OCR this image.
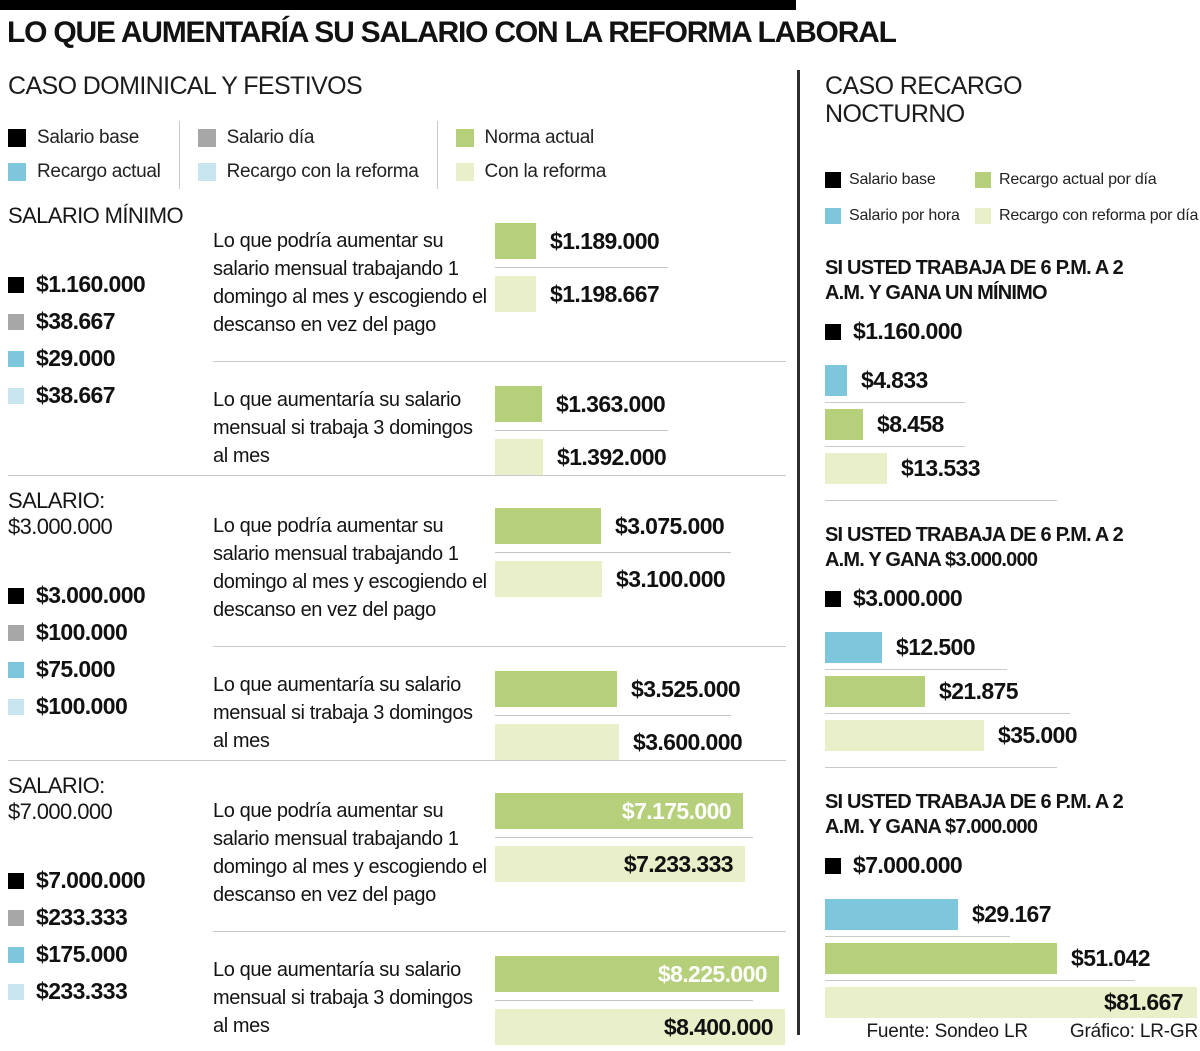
LO QUE AUMENTARÍA SU SALARIO CON LA REFORMA LABORAL
CASO DOMINICAL Y FESTIVOS
Salario base
Recargo actual
Salario día
Recargo con la reforma
Norma actual
Con la reforma
SALARIO MÍNIMO
$1.160.000
$38.667
$29.000
$38.667
Lo que podría aumentar su salario mensual trabajando 1 domingo al mes y escogiendo el descanso en vez del pago
$1.189.000
$1.198.667
Lo que aumentaría su salario mensual si trabaja 3 domingos al mes
$1.363.000
$1.392.000
SALARIO: $3.000.000
$3.000.000
$100.000
$75.000
$100.000
Lo que podría aumentar su salario mensual trabajando 1 domingo al mes y escogiendo el descanso en vez del pago
$3.075.000
$3.100.000
Lo que aumentaría su salario mensual si trabaja 3 domingos al mes
$3.525.000
$3.600.000
SALARIO: $7.000.000
$7.000.000
$233.333
$175.000
$233.333
Lo que podría aumentar su salario mensual trabajando 1 domingo al mes y escogiendo el descanso en vez del pago
$7.175.000
$7.233.333
Lo que aumentaría su salario mensual si trabaja 3 domingos al mes
$8.225.000
$8.400.000
CASO RECARGO NOCTURNO
Salario base
Salario por hora
Recargo actual por día
Recargo con reforma por día
SI USTED TRABAJA DE 6 P.M. A 2 A.M. Y GANA UN MÍNIMO
$1.160.000
$4.833
$8.458
$13.533
SI USTED TRABAJA DE 6 P.M. A 2 A.M. Y GANA $3.000.000
$3.000.000
$12.500
$21.875
$35.000
SI USTED TRABAJA DE 6 P.M. A 2 A.M. Y GANA $7.000.000
$7.000.000
$29.167
$51.042
$81.667
Fuente: Sondeo LR Gráfico: LR-GR
